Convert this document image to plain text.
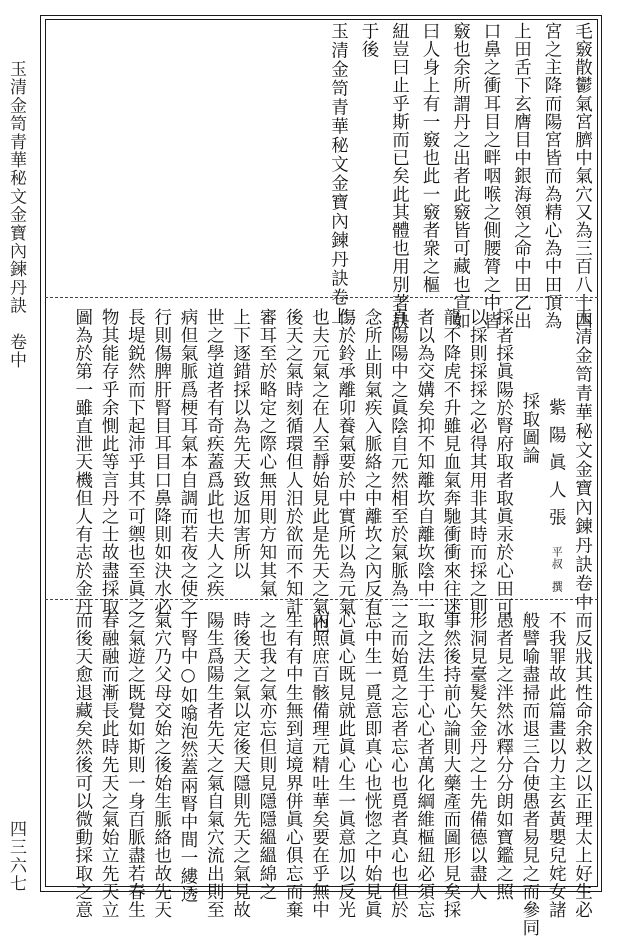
玉清金笥青華秘文金寶內鍊丹訣　卷中
四三六七
毛竅散鬱氣宮臍中氣穴又為三百八十四
宮之主降而陽宮皆而為精心為中田頂為
上田舌下玄膺目中銀海領之命中田乙出
口鼻之衝耳目之畔咽喉之側腰膂之中皆
竅也余所謂丹之出者此竅皆可藏也宣如
曰人身上有一竅也此一竅者衆之樞
紐豈曰止乎斯而已矣此其體也用別著訣
于後
玉清金笥青華秘文金寶內鍊丹訣卷上
玉清金笥青華秘文金寶內鍊丹訣卷中
紫陽眞人張平叔　撰
採取圖論
採者採眞陽於腎府取者取眞汞於心田可
以採則採採之必得其用非其時而採之則
龍不降虎不升雖見血氣奔馳衝衝來往迷
者以為交媾矣抑不知離坎自離坎陰中一
真陽陽中之眞陰自元然相至於氣脈為一
念所止則氣疾入脈絡之中離坎之內反有
傷於鈴承離卯養氣要於中實所以為元氣
也夫元氣之在人至靜始見此是先天之氣也
後天之氣時刻循環但人汨於欲而不知計
審耳至於略定之際心無用則方知其氣
上下逐錯採以為先天致返加害所以
世之學道者有奇疾蓋爲此也夫人之疾
病但氣脈爲梗耳氣本自調而若夜之使之
行則傷脾肝腎目耳目口鼻降則如決水必
長堤鋭然而下起沛乎其不可禦也至眞之
物其能存乎余惻此等言丹之士故盡採取
圖為於第一雖直泄天機但人有志於金丹
而反戕其性命余救之以正理太上好生必
不我罪故此篇畫以力主玄黃嬰兒姹女諸
般譬喻盡掃而退三合使愚者易見之而參同
愚者見之泮然冰釋分分朗如寶鑑之照
形洞見臺髮矢金丹之士先備德以盡人
事然後持前心論則大藥產而圖形見矣採
取之法生于心心者萬化綱維樞紐必須忘
之而始覓之忘者忘心也覓者真心也但於
忘中生一覓意即真心也恍惚之中始見眞
心眞心既見就此眞心生一眞意加以反光
內照庶百骸備理元精吐華矣要在乎無中
生有有中生無到這境界併眞心俱忘而棄
之也我之氣亦忘但則見隱隱縕縕綿之
時後天之氣以定後天隱則先天之氣見故
陽生爲陽生者先天之氣自氣穴流出則至
于腎中○如噏泡然蓋兩腎中間一縷透
氣穴乃父母交始之後始生脈絡也故先天
之氣遊之既覺如斯則一身百脈盡若春生
春融融而漸長此時先天之氣始立先天立
而後天愈退藏矣然後可以微動採取之意
